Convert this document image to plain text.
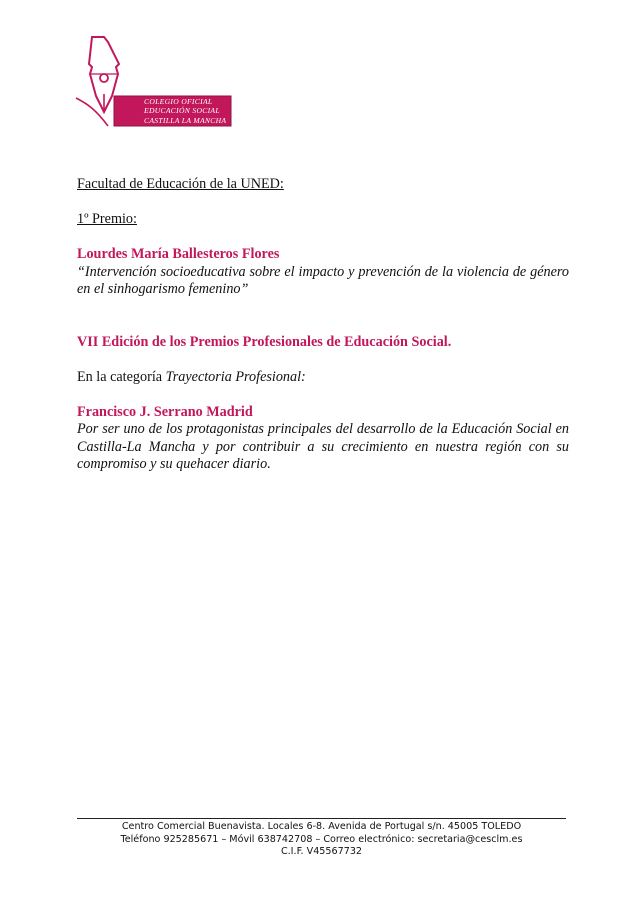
COLEGIO OFICIAL
EDUCACIÓN SOCIAL
CASTILLA LA MANCHA

Facultad de Educación de la UNED:

1º Premio:

Lourdes María Ballesteros Flores

“Intervención socioeducativa sobre el impacto y prevención de la violencia de género en el sinhogarismo femenino”

VII Edición de los Premios Profesionales de Educación Social.

En la categoría Trayectoria Profesional:

Francisco J. Serrano Madrid

Por ser uno de los protagonistas principales del desarrollo de la Educación Social en Castilla-La Mancha y por contribuir a su crecimiento en nuestra región con su compromiso y su quehacer diario.

Centro Comercial Buenavista. Locales 6-8. Avenida de Portugal s/n. 45005 TOLEDO
Teléfono 925285671 – Móvil 638742708 – Correo electrónico: secretaria@cesclm.es
C.I.F. V45567732
